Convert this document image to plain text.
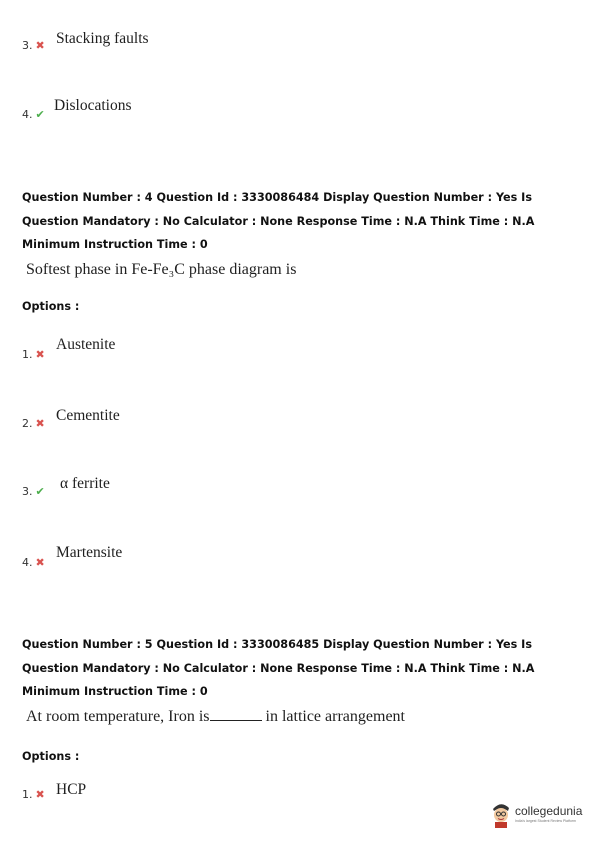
3. ✖ Stacking faults
4. ✔
Dislocations
Question Number : 4 Question Id : 3330086484 Display Question Number : Yes Is Question Mandatory : No Calculator : None Response Time : N.A Think Time : N.A Minimum Instruction Time : 0
Softest phase in Fe-Fe₃C phase diagram is
Options :
1. ✖
Austenite
2. ✖ Cementite
3. ✔ α ferrite
4. ✖
Martensite
Question Number : 5 Question Id : 3330086485 Display Question Number : Yes Is Question Mandatory : No Calculator : None Response Time : N.A Think Time : N.A Minimum Instruction Time : 0
At room temperature, Iron is	in lattice arrangement
Options :
1. ✖ HCP
collegedunia
India's largest Student Review Platform
